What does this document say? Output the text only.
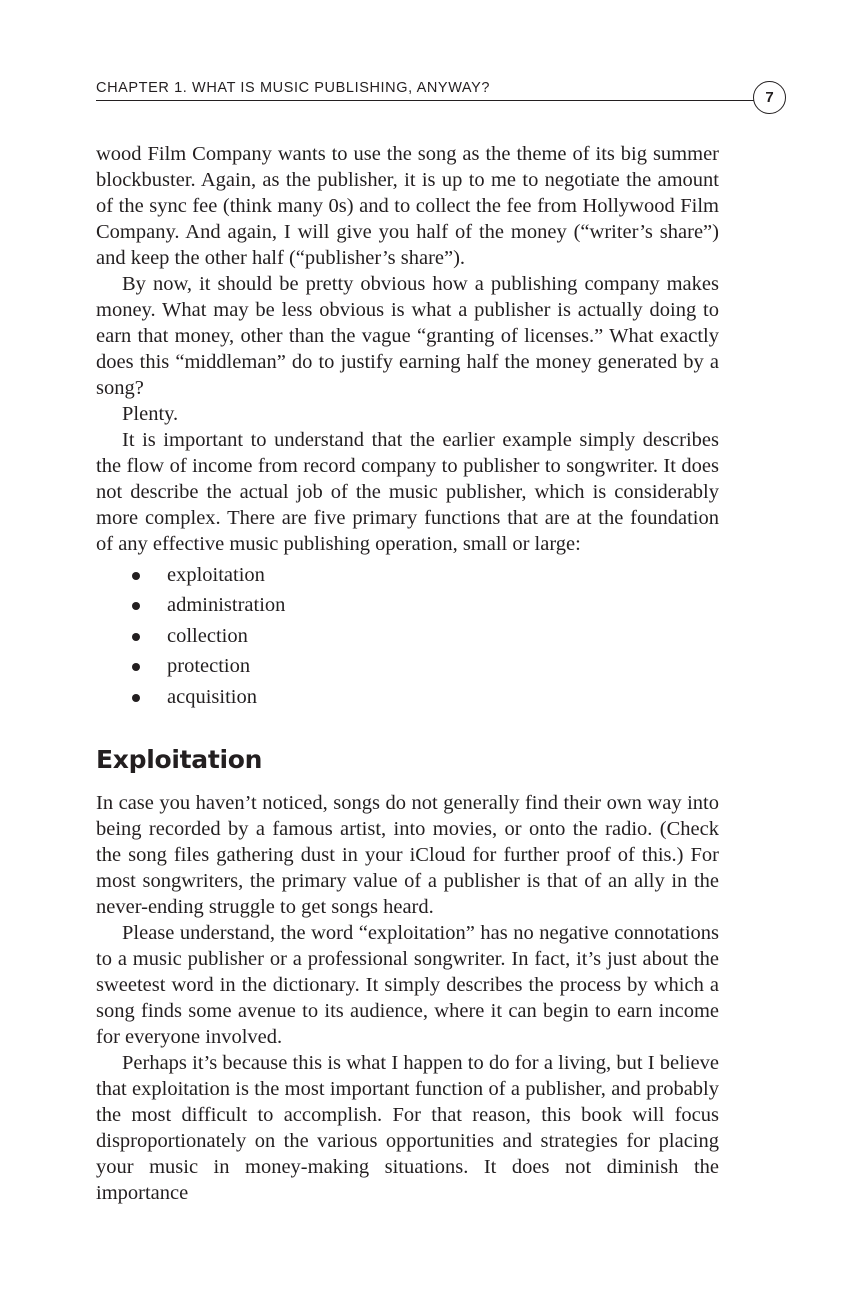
CHAPTER 1. WHAT IS MUSIC PUBLISHING, ANYWAY?
7

wood Film Company wants to use the song as the theme of its big summer blockbuster. Again, as the publisher, it is up to me to negotiate the amount of the sync fee (think many 0s) and to collect the fee from Hollywood Film Company. And again, I will give you half of the money (“writer’s share”) and keep the other half (“publisher’s share”).

By now, it should be pretty obvious how a publishing company makes money. What may be less obvious is what a publisher is actually doing to earn that money, other than the vague “granting of licenses.” What exactly does this “middleman” do to justify earning half the money generated by a song?

Plenty.

It is important to understand that the earlier example simply describes the flow of income from record company to publisher to songwriter. It does not describe the actual job of the music publisher, which is considerably more complex. There are five primary functions that are at the foundation of any effective music publishing operation, small or large:

exploitation
administration
collection
protection
acquisition
Exploitation

In case you haven’t noticed, songs do not generally find their own way into being recorded by a famous artist, into movies, or onto the radio. (Check the song files gathering dust in your iCloud for further proof of this.) For most songwriters, the primary value of a publisher is that of an ally in the never-ending struggle to get songs heard.

Please understand, the word “exploitation” has no negative connotations to a music publisher or a professional songwriter. In fact, it’s just about the sweetest word in the dictionary. It simply describes the process by which a song finds some avenue to its audience, where it can begin to earn income for everyone involved.

Perhaps it’s because this is what I happen to do for a living, but I believe that exploitation is the most important function of a publisher, and probably the most difficult to accomplish. For that reason, this book will focus disproportionately on the various opportunities and strategies for placing your music in money-making situations. It does not diminish the importance
